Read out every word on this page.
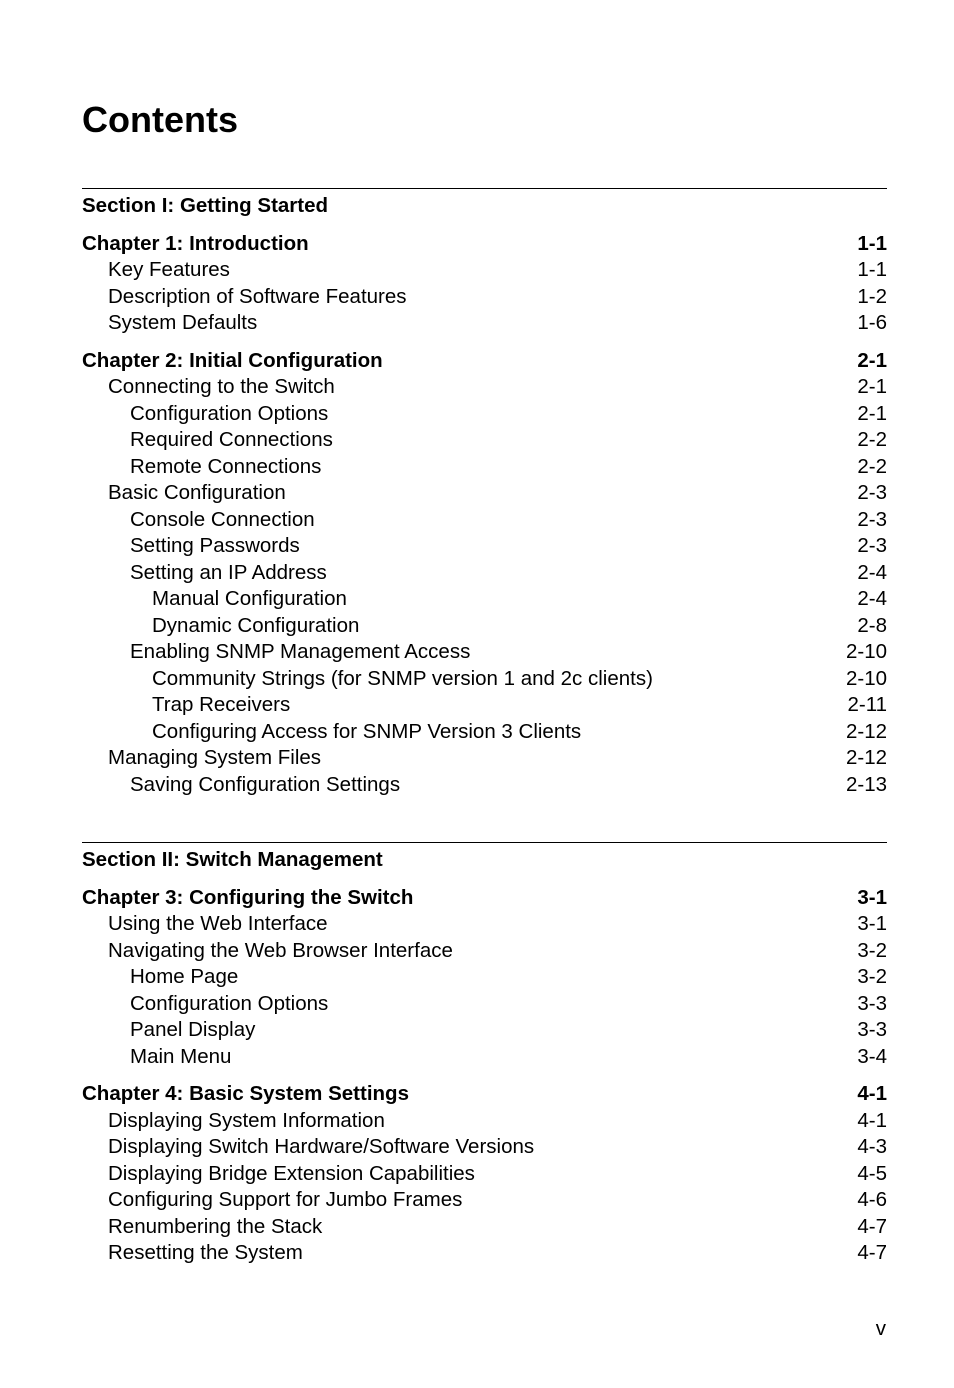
Contents
Section I: Getting Started
Chapter 1: Introduction	1-1
Key Features	1-1
Description of Software Features	1-2
System Defaults	1-6
Chapter 2: Initial Configuration	2-1
Connecting to the Switch	2-1
Configuration Options	2-1
Required Connections	2-2
Remote Connections	2-2
Basic Configuration	2-3
Console Connection	2-3
Setting Passwords	2-3
Setting an IP Address	2-4
Manual Configuration	2-4
Dynamic Configuration	2-8
Enabling SNMP Management Access	2-10
Community Strings (for SNMP version 1 and 2c clients)	2-10
Trap Receivers	2-11
Configuring Access for SNMP Version 3 Clients	2-12
Managing System Files	2-12
Saving Configuration Settings	2-13
Section II: Switch Management
Chapter 3: Configuring the Switch	3-1
Using the Web Interface	3-1
Navigating the Web Browser Interface	3-2
Home Page	3-2
Configuration Options	3-3
Panel Display	3-3
Main Menu	3-4
Chapter 4: Basic System Settings	4-1
Displaying System Information	4-1
Displaying Switch Hardware/Software Versions	4-3
Displaying Bridge Extension Capabilities	4-5
Configuring Support for Jumbo Frames	4-6
Renumbering the Stack	4-7
Resetting the System	4-7
v
